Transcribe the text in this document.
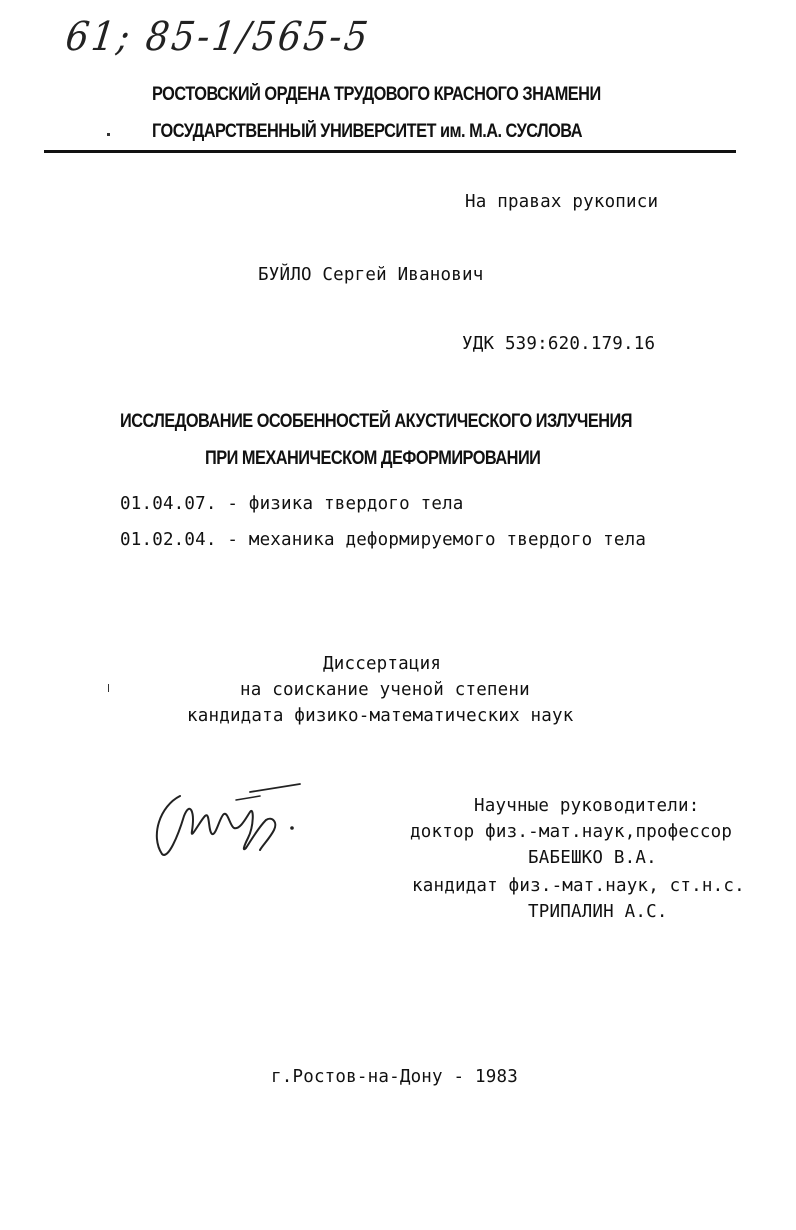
61; 85-1/565-5
РОСТОВСКИЙ ОРДЕНА ТРУДОВОГО КРАСНОГО ЗНАМЕНИ
ГОСУДАРСТВЕННЫЙ УНИВЕРСИТЕТ им. М.А. СУСЛОВА
На правах рукописи
БУЙЛО Сергей Иванович
УДК 539:620.179.16
ИССЛЕДОВАНИЕ ОСОБЕННОСТЕЙ АКУСТИЧЕСКОГО ИЗЛУЧЕНИЯ
ПРИ МЕХАНИЧЕСКОМ ДЕФОРМИРОВАНИИ
01.04.07. - физика твердого тела
01.02.04. - механика деформируемого твердого тела
Диссертация
на соискание ученой степени
кандидата физико-математических наук
Научные руководители:
доктор физ.-мат.наук,профессор
БАБЕШКО В.А.
кандидат физ.-мат.наук, ст.н.с.
ТРИПАЛИН А.С.
г.Ростов-на-Дону - 1983
